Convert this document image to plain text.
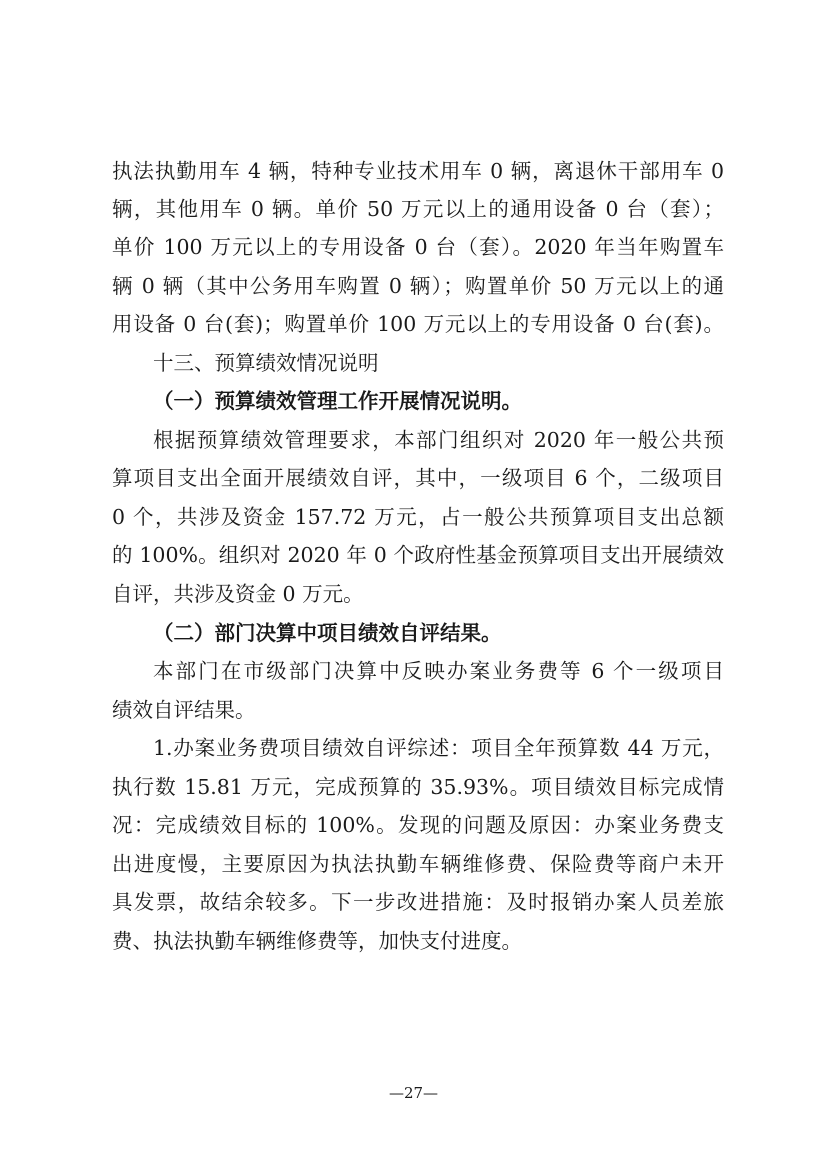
执法执勤用车 4 辆，特种专业技术用车 0 辆，离退休干部用车 0
辆，其他用车 0 辆。单价 50 万元以上的通用设备 0 台（套）；
单价 100 万元以上的专用设备 0 台（套）。2020 年当年购置车
辆 0 辆（其中公务用车购置 0 辆）；购置单价 50 万元以上的通
用设备 0 台(套)；购置单价 100 万元以上的专用设备 0 台(套)。
十三、预算绩效情况说明
（一）预算绩效管理工作开展情况说明。
根据预算绩效管理要求，本部门组织对 2020 年一般公共预
算项目支出全面开展绩效自评，其中，一级项目 6 个，二级项目
0 个，共涉及资金 157.72 万元，占一般公共预算项目支出总额
的 100%。组织对 2020 年 0 个政府性基金预算项目支出开展绩效
自评，共涉及资金 0 万元。
（二）部门决算中项目绩效自评结果。
本部门在市级部门决算中反映办案业务费等 6 个一级项目
绩效自评结果。
1.办案业务费项目绩效自评综述：项目全年预算数 44 万元，
执行数 15.81 万元，完成预算的 35.93%。项目绩效目标完成情
况：完成绩效目标的 100%。发现的问题及原因：办案业务费支
出进度慢，主要原因为执法执勤车辆维修费、保险费等商户未开
具发票，故结余较多。下一步改进措施：及时报销办案人员差旅
费、执法执勤车辆维修费等，加快支付进度。
—27—
